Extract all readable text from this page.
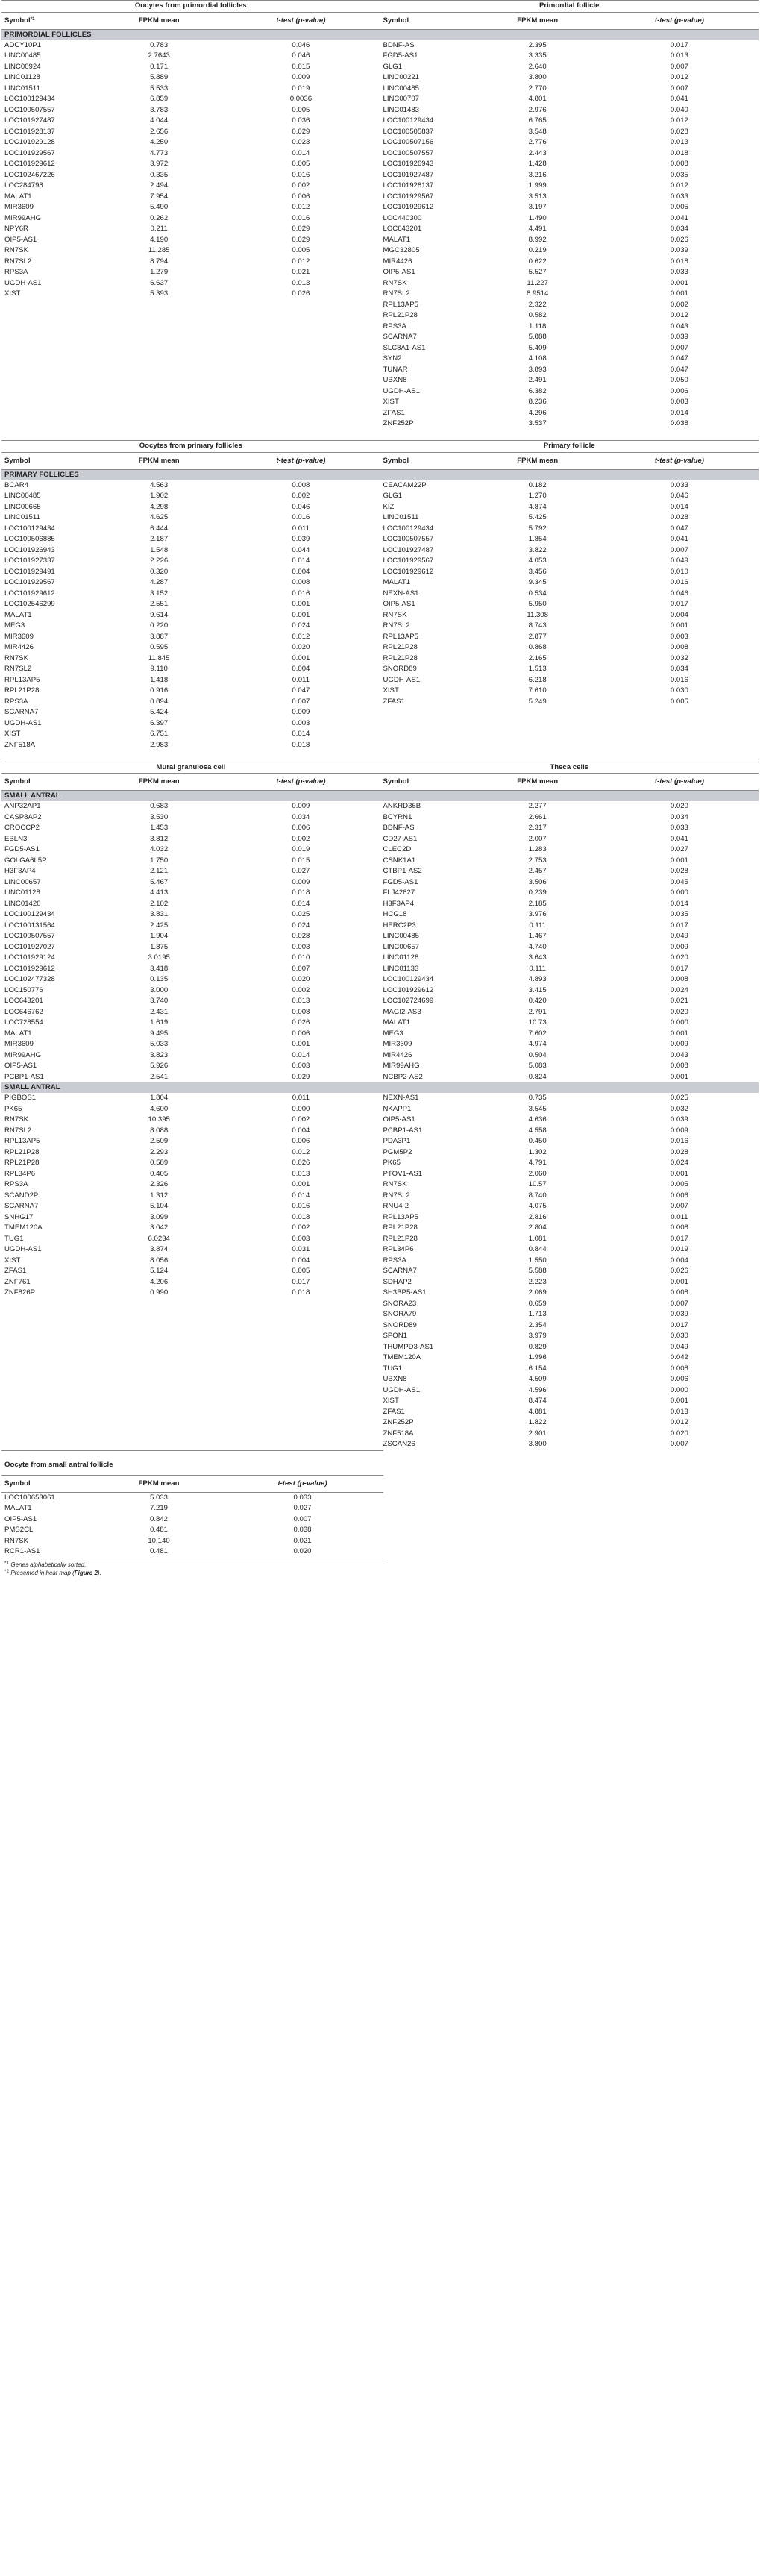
Oocytes from primordial follicles			Primordial follicle		
Symbol$^{*1}$	FPKM mean	t-test (p-value)	Symbol	FPKM mean	t-test (p-value)
PRIMORDIAL FOLLICLES					
ADCY10P1	0.783	0.046	BDNF-AS	2.395	0.017
LINC00485	2.7643	0.046	FGD5-AS1	3.335	0.013
LINC00924	0.171	0.015	GLG1	2.640	0.007
LINC01128	5.889	0.009	LINC00221	3.800	0.012
LINC01511	5.533	0.019	LINC00485	2.770	0.007
LOC100129434	6.859	0.0036	LINC00707	4.801	0.041
LOC100507557	3.783	0.005	LINC01483	2.976	0.040
LOC101927487	4.044	0.036	LOC100129434	6.765	0.012
LOC101928137	2.656	0.029	LOC100505837	3.548	0.028
LOC101929128	4.250	0.023	LOC100507156	2.776	0.013
LOC101929567	4.773	0.014	LOC100507557	2.443	0.018
LOC101929612	3.972	0.005	LOC101926943	1.428	0.008
LOC102467226	0.335	0.016	LOC101927487	3.216	0.035
LOC284798	2.494	0.002	LOC101928137	1.999	0.012
MALAT1	7.954	0.006	LOC101929567	3.513	0.033
MIR3609	5.490	0.012	LOC101929612	3.197	0.005
MIR99AHG	0.262	0.016	LOC440300	1.490	0.041
NPY6R	0.211	0.029	LOC643201	4.491	0.034
OIP5-AS1	4.190	0.029	MALAT1	8.992	0.026
RN7SK	11.285	0.005	MGC32805	0.219	0.039
RN7SL2	8.794	0.012	MIR4426	0.622	0.018
RPS3A	1.279	0.021	OIP5-AS1	5.527	0.033
UGDH-AS1	6.637	0.013	RN7SK	11.227	0.001
XIST	5.393	0.026	RN7SL2	8.9514	0.001
			RPL13AP5	2.322	0.002
			RPL21P28	0.582	0.012
			RPS3A	1.118	0.043
			SCARNA7	5.888	0.039
			SLC8A1-AS1	5.409	0.007
			SYN2	4.108	0.047
			TUNAR	3.893	0.047
			UBXN8	2.491	0.050
			UGDH-AS1	6.382	0.006
			XIST	8.236	0.003
			ZFAS1	4.296	0.014
			ZNF252P	3.537	0.038

Oocytes from primary follicles			Primary follicle		
Symbol	FPKM mean	t-test (p-value)	Symbol	FPKM mean	t-test (p-value)
PRIMARY FOLLICLES					
BCAR4	4.563	0.008	CEACAM22P	0.182	0.033
LINC00485	1.902	0.002	GLG1	1.270	0.046
LINC00665	4.298	0.046	KIZ	4.874	0.014
LINC01511	4.625	0.016	LINC01511	5.425	0.028
LOC100129434	6.444	0.011	LOC100129434	5.792	0.047
LOC100506885	2.187	0.039	LOC100507557	1.854	0.041
LOC101926943	1.548	0.044	LOC101927487	3.822	0.007
LOC101927337	2.226	0.014	LOC101929567	4.053	0.049
LOC101929491	0.320	0.004	LOC101929612	3.456	0.010
LOC101929567	4.287	0.008	MALAT1	9.345	0.016
LOC101929612	3.152	0.016	NEXN-AS1	0.534	0.046
LOC102546299	2.551	0.001	OIP5-AS1	5.950	0.017
MALAT1	9.614	0.001	RN7SK	11.308	0.004
MEG3	0.220	0.024	RN7SL2	8.743	0.001
MIR3609	3.887	0.012	RPL13AP5	2.877	0.003
MIR4426	0.595	0.020	RPL21P28	0.868	0.008
RN7SK	11.845	0.001	RPL21P28	2.165	0.032
RN7SL2	9.110	0.004	SNORD89	1.513	0.034
RPL13AP5	1.418	0.011	UGDH-AS1	6.218	0.016
RPL21P28	0.916	0.047	XIST	7.610	0.030
RPS3A	0.894	0.007	ZFAS1	5.249	0.005
SCARNA7	5.424	0.009			
UGDH-AS1	6.397	0.003			
XIST	6.751	0.014			
ZNF518A	2.983	0.018			

Mural granulosa cell			Theca cells		
Symbol	FPKM mean	t-test (p-value)	Symbol	FPKM mean	t-test (p-value)
SMALL ANTRAL					
ANP32AP1	0.683	0.009	ANKRD36B	2.277	0.020
CASP8AP2	3.530	0.034	BCYRN1	2.661	0.034
CROCCP2	1.453	0.006	BDNF-AS	2.317	0.033
EBLN3	3.812	0.002	CD27-AS1	2.007	0.041
FGD5-AS1	4.032	0.019	CLEC2D	1.283	0.027
GOLGA6L5P	1.750	0.015	CSNK1A1	2.753	0.001
H3F3AP4	2.121	0.027	CTBP1-AS2	2.457	0.028
LINC00657	5.467	0.009	FGD5-AS1	3.506	0.045
LINC01128	4.413	0.018	FLJ42627	0.239	0.000
LINC01420	2.102	0.014	H3F3AP4	2.185	0.014
LOC100129434	3.831	0.025	HCG18	3.976	0.035
LOC100131564	2.425	0.024	HERC2P3	0.111	0.017
LOC100507557	1.904	0.028	LINC00485	1.467	0.049
LOC101927027	1.875	0.003	LINC00657	4.740	0.009
LOC101929124	3.0195	0.010	LINC01128	3.643	0.020
LOC101929612	3.418	0.007	LINC01133	0.111	0.017
LOC102477328	0.135	0.020	LOC100129434	4.893	0.008
LOC150776	3.000	0.002	LOC101929612	3.415	0.024
LOC643201	3.740	0.013	LOC102724699	0.420	0.021
LOC646762	2.431	0.008	MAGI2-AS3	2.791	0.020
LOC728554	1.619	0.026	MALAT1	10.73	0.000
MALAT1	9.495	0.006	MEG3	7.602	0.001
MIR3609	5.033	0.001	MIR3609	4.974	0.009
MIR99AHG	3.823	0.014	MIR4426	0.504	0.043
OIP5-AS1	5.926	0.003	MIR99AHG	5.083	0.008
PCBP1-AS1	2.541	0.029	NCBP2-AS2	0.824	0.001
SMALL ANTRAL					
PIGBOS1	1.804	0.011	NEXN-AS1	0.735	0.025
PK65	4.600	0.000	NKAPP1	3.545	0.032
RN7SK	10.395	0.002	OIP5-AS1	4.636	0.039
RN7SL2	8.088	0.004	PCBP1-AS1	4.558	0.009
RPL13AP5	2.509	0.006	PDA3P1	0.450	0.016
RPL21P28	2.293	0.012	PGM5P2	1.302	0.028
RPL21P28	0.589	0.026	PK65	4.791	0.024
RPL34P6	0.405	0.013	PTOV1-AS1	2.060	0.001
RPS3A	2.326	0.001	RN7SK	10.57	0.005
SCAND2P	1.312	0.014	RN7SL2	8.740	0.006
SCARNA7	5.104	0.016	RNU4-2	4.075	0.007
SNHG17	3.099	0.018	RPL13AP5	2.816	0.011
TMEM120A	3.042	0.002	RPL21P28	2.804	0.008
TUG1	6.0234	0.003	RPL21P28	1.081	0.017
UGDH-AS1	3.874	0.031	RPL34P6	0.844	0.019
XIST	8.056	0.004	RPS3A	1.550	0.004
ZFAS1	5.124	0.005	SCARNA7	5.588	0.026
ZNF761	4.206	0.017	SDHAP2	2.223	0.001
ZNF826P	0.990	0.018	SH3BP5-AS1	2.069	0.008
			SNORA23	0.659	0.007
			SNORA79	1.713	0.039
			SNORD89	2.354	0.017
			SPON1	3.979	0.030
			THUMPD3-AS1	0.829	0.049
			TMEM120A	1.996	0.042
			TUG1	6.154	0.008
			UBXN8	4.509	0.006
			UGDH-AS1	4.596	0.000
			XIST	8.474	0.001
			ZFAS1	4.881	0.013
			ZNF252P	1.822	0.012
			ZNF518A	2.901	0.020
			ZSCAN26	3.800	0.007
Oocyte from small antral follicle		
Symbol	FPKM mean	t-test (p-value)
LOC100653061	5.033	0.033
MALAT1	7.219	0.027
OIP5-AS1	0.842	0.007
PMS2CL	0.481	0.038
RN7SK	10.140	0.021
RCR1-AS1	0.481	0.020
$^{*1}$ Genes alphabetically sorted.
$^{*2}$ Presented in heat map (Figure 2).
